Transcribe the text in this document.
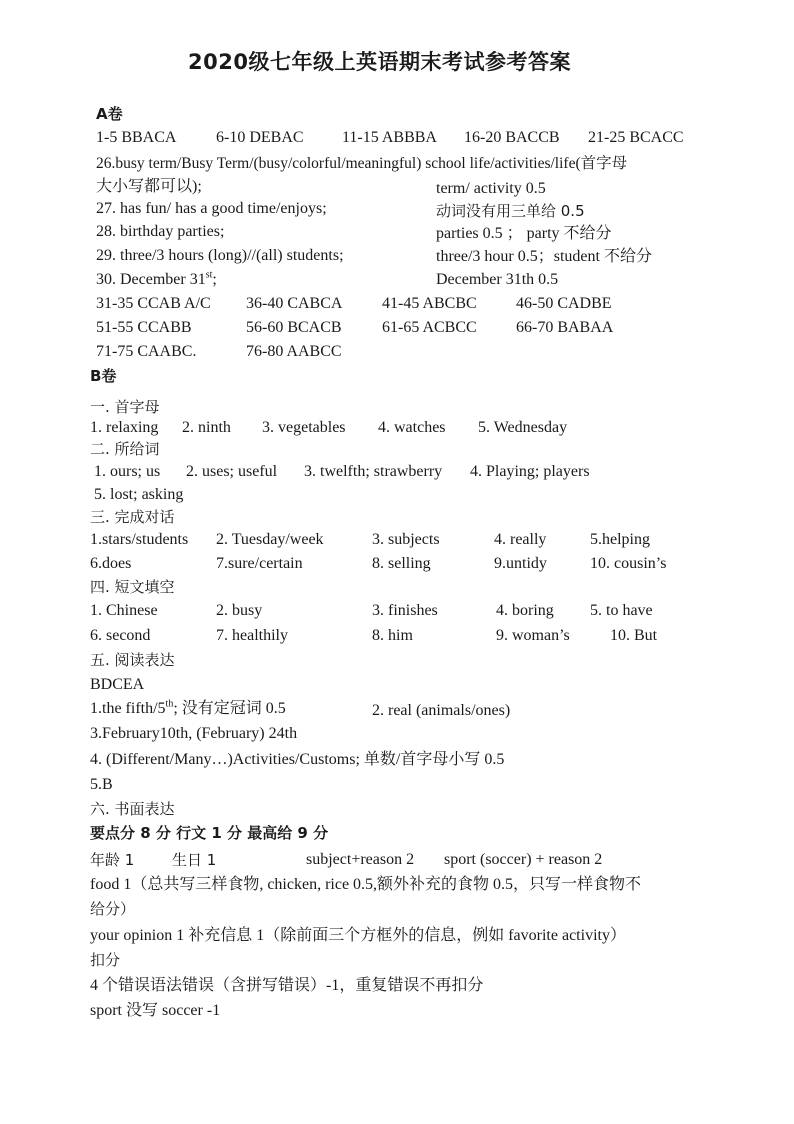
2020级七年级上英语期末考试参考答案
A卷
1-5 BBACA 6-10 DEBAC 11-15 ABBBA 16-20 BACCB 21-25 BCACC
26.busy term/Busy Term/(busy/colorful/meaningful) school life/activities/life(首字母
大小写都可以);	term/ activity 0.5
27. has fun/ has a good time/enjoys;	动词没有用三单给 0.5
28. birthday parties;	parties 0.5 ； party 不给分
29. three/3 hours (long)//(all) students;	three/3 hour 0.5；student 不给分
30. December 31st;	December 31th 0.5
31-35 CCAB A/C 36-40 CABCA 41-45 ABCBC 46-50 CADBE
51-55 CCABB	56-60 BCACB	61-65 ACBCC 66-70 BABAA
71-75 CAABC.	76-80 AABCC
B卷
一. 首字母
1. relaxing 2. ninth 3. vegetables 4. watches 5. Wednesday
二. 所给词
1. ours; us 2. uses; useful 3. twelfth; strawberry 4. Playing; players
5. lost; asking
三. 完成对话
1.stars/students 2. Tuesday/week	3. subjects	4. really	5.helping
6.does	7.sure/certain	8. selling	9.untidy	10. cousin’s
四. 短文填空
1. Chinese	2. busy	3. finishes	4. boring 5. to have
6. second	7. healthily	8. him	9. woman’s	10. But
五. 阅读表达
BDCEA
1.the fifth/5th; 没有定冠词 0.5	2. real (animals/ones)
3.February10th, (February) 24th
4. (Different/Many…)Activities/Customs; 单数/首字母小写 0.5
5.B
六. 书面表达
要点分 8 分 行文 1 分 最高给 9 分
年龄 1	生日 1	subject+reason 2 sport (soccer) + reason 2
food 1（总共写三样食物, chicken, rice 0.5,额外补充的食物 0.5，只写一样食物不
给分）
your opinion 1 补充信息 1（除前面三个方框外的信息，例如 favorite activity）
扣分
4 个错误语法错误（含拼写错误）-1，重复错误不再扣分
sport 没写 soccer -1
